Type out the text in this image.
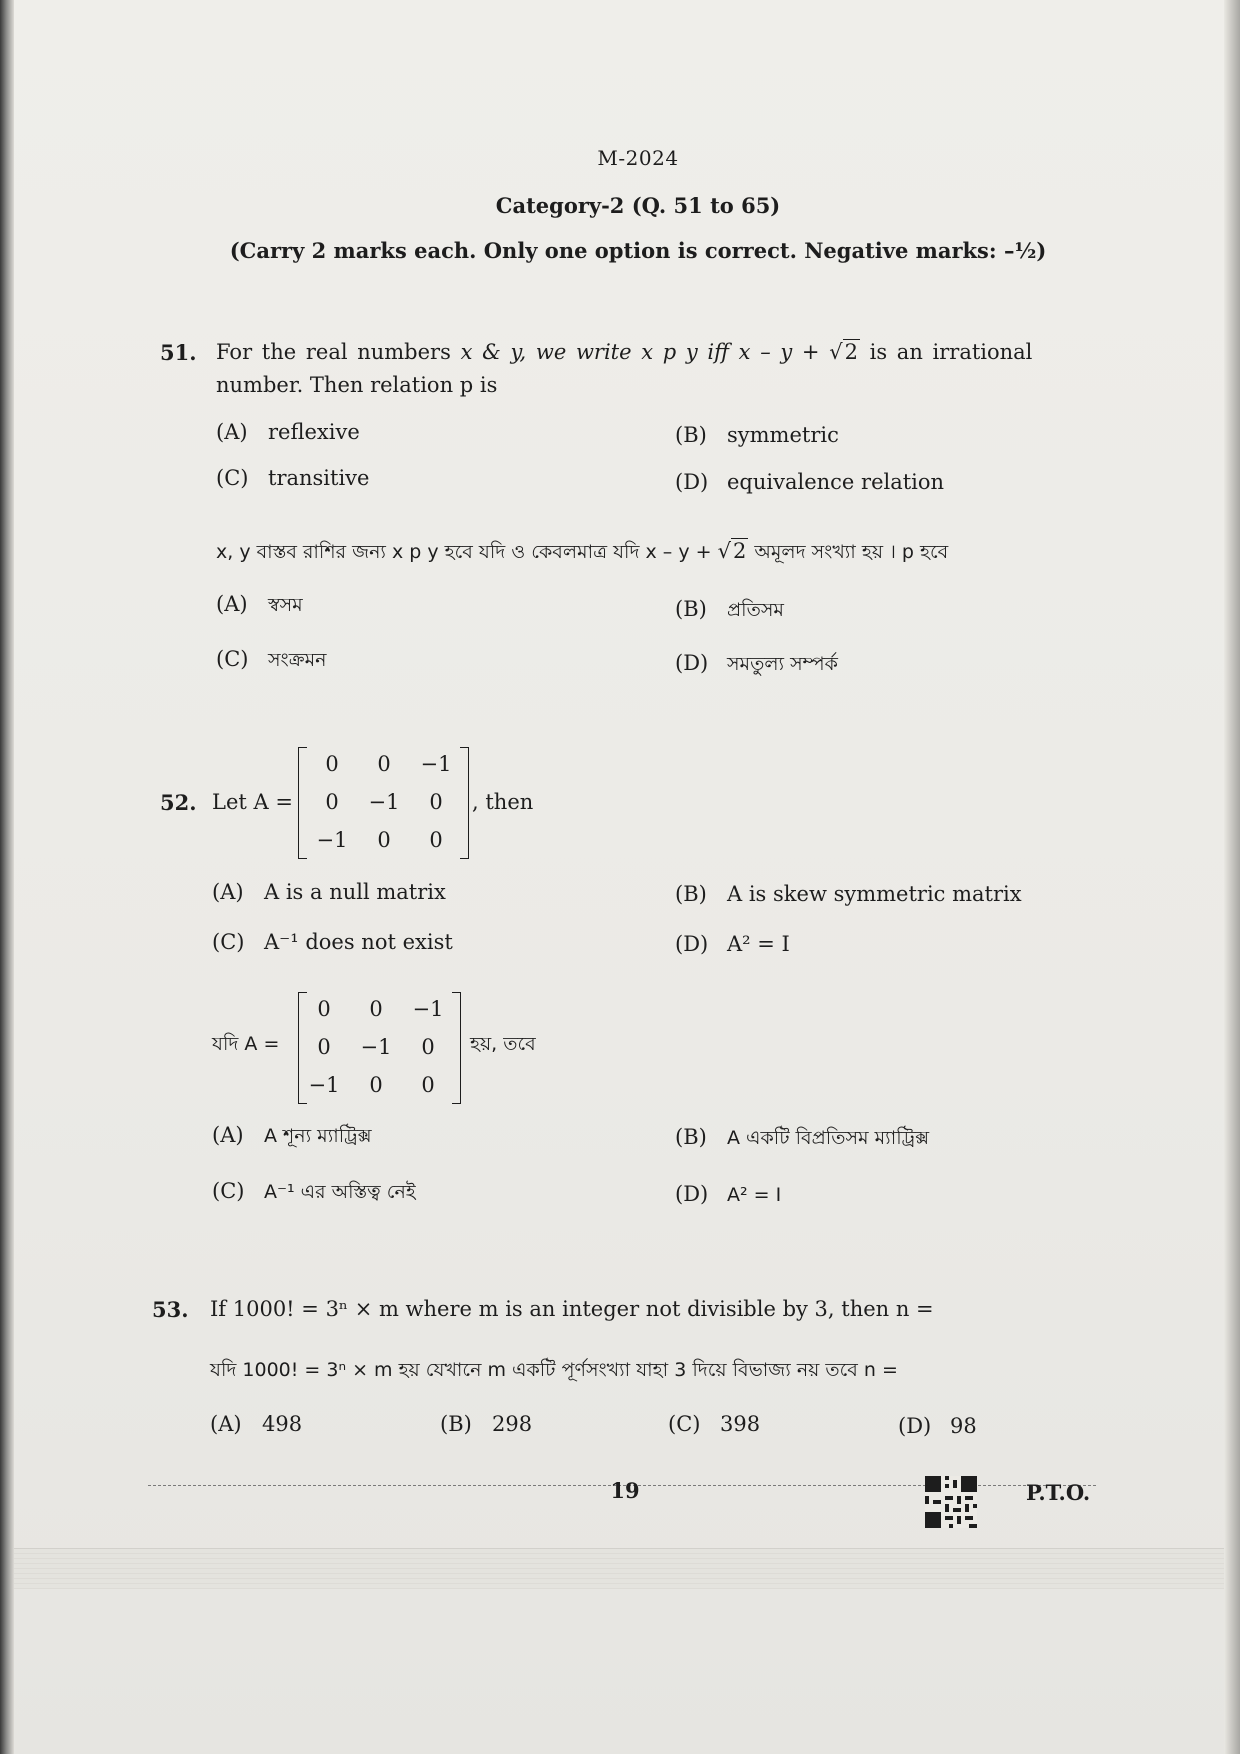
M-2024
Category-2 (Q. 51 to 65)
(Carry 2 marks each. Only one option is correct. Negative marks: –½)
51. For the real numbers x & y, we write x p y iff x – y + √2 is an irrational
number. Then relation p is
(A) reflexive	(B) symmetric
(C) transitive	(D) equivalence relation
x, y বাস্তব রাশির জন্য x p y হবে যদি ও কেবলমাত্র যদি x – y + √2 অমূলদ সংখ্যা হয় । p হবে
(A) স্বসম	(B) প্রতিসম
(C) সংক্রমন	(D) সমতুল্য সম্পর্ক
52. Let A =
0 0 −1
0 −1 0
−1 0 0
, then
(A) A is a null matrix	(B) A is skew symmetric matrix
(C) A⁻¹ does not exist	(D) A² = I
যদি A =
0 0 −1
0 −1 0
−1 0 0
হয়, তবে
(A) A শূন্য ম্যাট্রিক্স	(B) A একটি বিপ্রতিসম ম্যাট্রিক্স
(C) A⁻¹ এর অস্তিত্ব নেই	(D) A² = I
53. If 1000! = 3ⁿ × m where m is an integer not divisible by 3, then n =
যদি 1000! = 3ⁿ × m হয় যেখানে m একটি পূর্ণসংখ্যা যাহা 3 দিয়ে বিভাজ্য নয় তবে n =
(A) 498	(B) 298	(C) 398	(D) 98
19	P.T.O.
